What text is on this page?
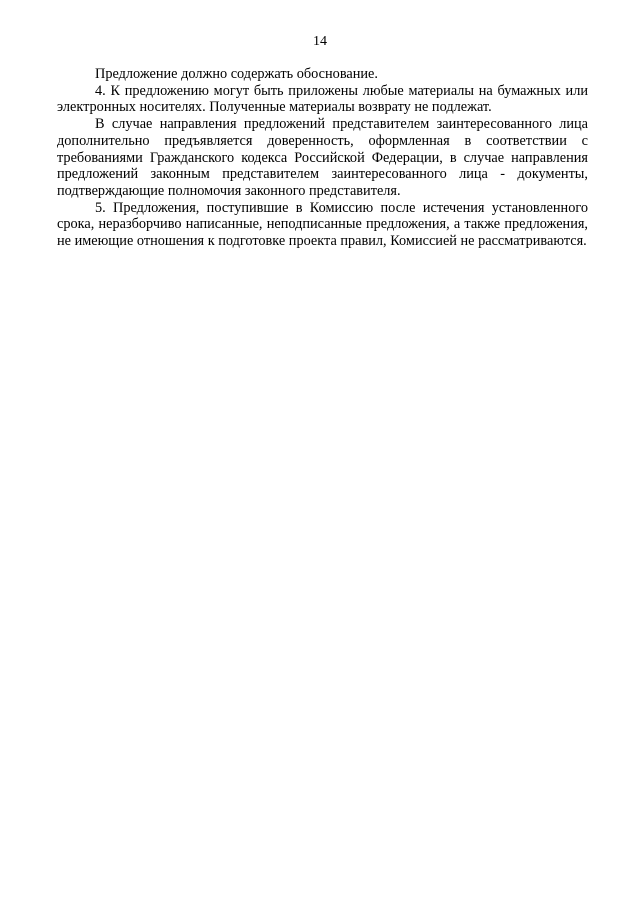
14

Предложение должно содержать обоснование.

4. К предложению могут быть приложены любые материалы на бумажных или электронных носителях. Полученные материалы возврату не подлежат.

В случае направления предложений представителем заинтересованного лица дополнительно предъявляется доверенность, оформленная в соответствии с требованиями Гражданского кодекса Российской Федерации, в случае направления предложений законным представителем заинтересованного лица - документы, подтверждающие полномочия законного представителя.

5. Предложения, поступившие в Комиссию после истечения установленного срока, неразборчиво написанные, неподписанные предложения, а также предложения, не имеющие отношения к подготовке проекта правил, Комиссией не рассматриваются.
